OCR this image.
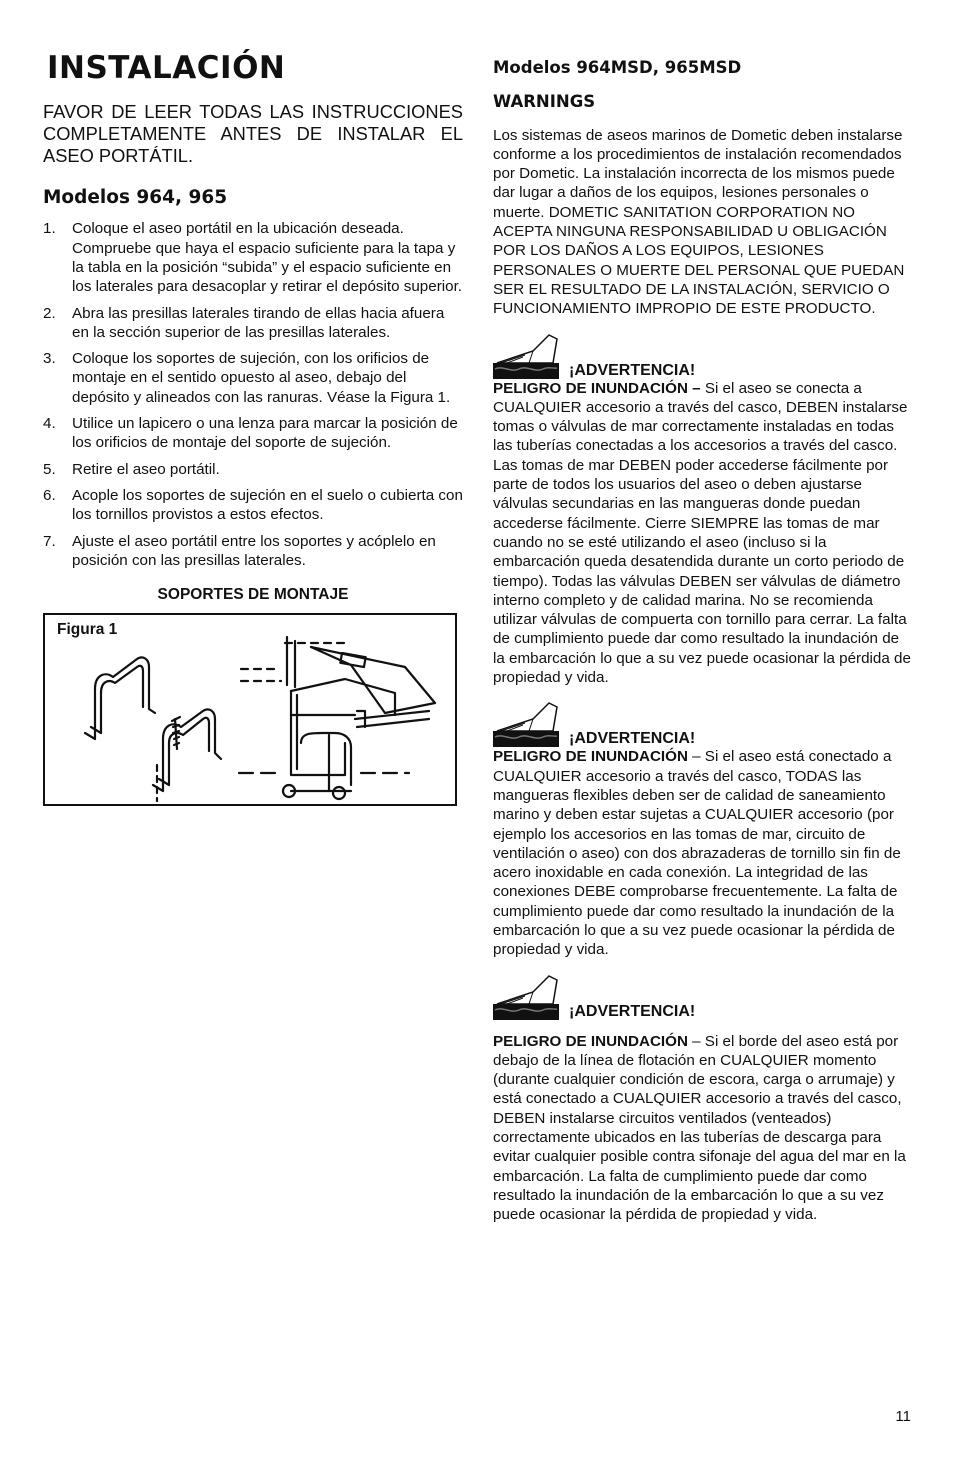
INSTALACIÓN

FAVOR DE LEER TODAS LAS INSTRUCCIONES COMPLETAMENTE ANTES DE INSTALAR EL ASEO PORTÁTIL.

Modelos 964, 965
1.	Coloque el aseo portátil en la ubicación deseada. Compruebe que haya el espacio suficiente para la tapa y la tabla en la posición “subida” y el espacio suficiente en los laterales para desacoplar y retirar el depósito superior.
2.	Abra las presillas laterales tirando de ellas hacia afuera en la sección superior de las presillas laterales.
3.	Coloque los soportes de sujeción, con los orificios de montaje en el sentido opuesto al aseo, debajo del depósito y alineados con las ranuras. Véase la Figura 1.
4.	Utilice un lapicero o una lenza para marcar la posición de los orificios de montaje del soporte de sujeción.
5.	Retire el aseo portátil.
6.	Acople los soportes de sujeción en el suelo o cubierta con los tornillos provistos a estos efectos.
7.	Ajuste el aseo portátil entre los soportes y acóplelo en posición con las presillas laterales.
SOPORTES DE MONTAJE
Figura 1
Modelos 964MSD, 965MSD
WARNINGS

Los sistemas de aseos marinos de Dometic deben instalarse conforme a los procedimientos de instalación recomendados por Dometic. La instalación incorrecta de los mismos puede dar lugar a daños de los equipos, lesiones personales o muerte. DOMETIC SANITATION CORPORATION NO ACEPTA NINGUNA RESPONSABILIDAD U OBLIGACIÓN POR LOS DAÑOS A LOS EQUIPOS, LESIONES PERSONALES O MUERTE DEL PERSONAL QUE PUEDAN SER EL RESULTADO DE LA INSTALACIÓN, SERVICIO O FUNCIONAMIENTO IMPROPIO DE ESTE PRODUCTO.

¡ADVERTENCIA!

PELIGRO DE INUNDACIÓN – Si el aseo se conecta a CUALQUIER accesorio a través del casco, DEBEN instalarse tomas o válvulas de mar correctamente instaladas en todas las tuberías conectadas a los accesorios a través del casco. Las tomas de mar DEBEN poder accederse fácilmente por parte de todos los usuarios del aseo o deben ajustarse válvulas secundarias en las mangueras donde puedan accederse fácilmente. Cierre SIEMPRE las tomas de mar cuando no se esté utilizando el aseo (incluso si la embarcación queda desatendida durante un corto periodo de tiempo). Todas las válvulas DEBEN ser válvulas de diámetro interno completo y de calidad marina. No se recomienda utilizar válvulas de compuerta con tornillo para cerrar. La falta de cumplimiento puede dar como resultado la inundación de la embarcación lo que a su vez puede ocasionar la pérdida de propiedad y vida.

¡ADVERTENCIA!

PELIGRO DE INUNDACIÓN – Si el aseo está conectado a CUALQUIER accesorio a través del casco, TODAS las mangueras flexibles deben ser de calidad de saneamiento marino y deben estar sujetas a CUALQUIER accesorio (por ejemplo los accesorios en las tomas de mar, circuito de ventilación o aseo) con dos abrazaderas de tornillo sin fin de acero inoxidable en cada conexión. La integridad de las conexiones DEBE comprobarse frecuentemente. La falta de cumplimiento puede dar como resultado la inundación de la embarcación lo que a su vez puede ocasionar la pérdida de propiedad y vida.

¡ADVERTENCIA!

PELIGRO DE INUNDACIÓN – Si el borde del aseo está por debajo de la línea de flotación en CUALQUIER momento (durante cualquier condición de escora, carga o arrumaje) y está conectado a CUALQUIER accesorio a través del casco, DEBEN instalarse circuitos ventilados (venteados) correctamente ubicados en las tuberías de descarga para evitar cualquier posible contra sifonaje del agua del mar en la embarcación. La falta de cumplimiento puede dar como resultado la inundación de la embarcación lo que a su vez puede ocasionar la pérdida de propiedad y vida.

11
